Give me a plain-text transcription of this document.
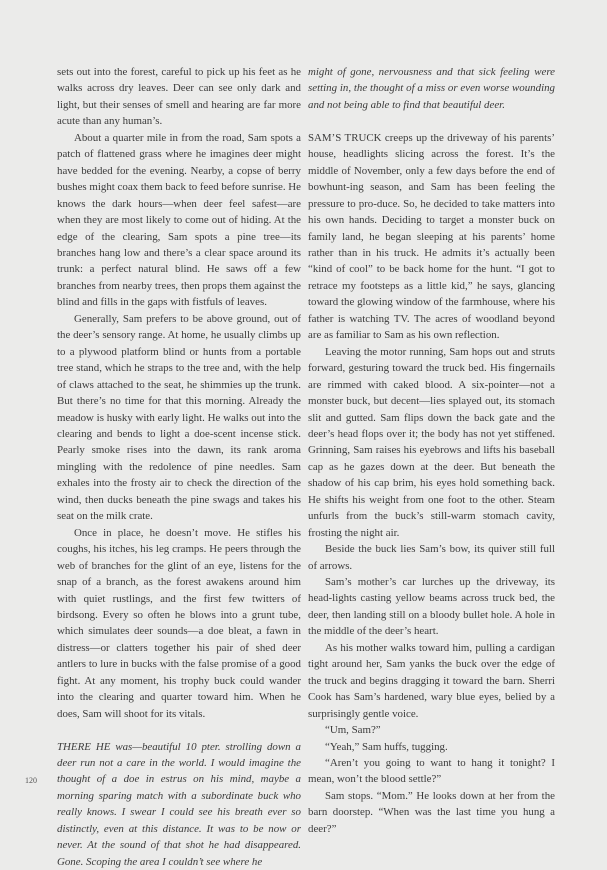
sets out into the forest, careful to pick up his feet as he walks across dry leaves. Deer can see only dark and light, but their senses of smell and hearing are far more acute than any human’s.

About a quarter mile in from the road, Sam spots a patch of flattened grass where he imagines deer might have bedded for the evening. Nearby, a copse of berry bushes might coax them back to feed before sunrise. He knows the dark hours—when deer feel safest—are when they are most likely to come out of hiding. At the edge of the clearing, Sam spots a pine tree—its branches hang low and there’s a clear space around its trunk: a perfect natural blind. He saws off a few branches from nearby trees, then props them against the blind and fills in the gaps with fistfuls of leaves.

Generally, Sam prefers to be above ground, out of the deer’s sensory range. At home, he usually climbs up to a plywood platform blind or hunts from a portable tree stand, which he straps to the tree and, with the help of claws attached to the seat, he shimmies up the trunk. But there’s no time for that this morning. Already the meadow is husky with early light. He walks out into the clearing and bends to light a doe-scent incense stick. Pearly smoke rises into the dawn, its rank aroma mingling with the redolence of pine needles. Sam exhales into the frosty air to check the direction of the wind, then ducks beneath the pine swags and takes his seat on the milk crate.

Once in place, he doesn’t move. He stifles his coughs, his itches, his leg cramps. He peers through the web of branches for the glint of an eye, listens for the snap of a branch, as the forest awakens around him with quiet rustlings, and the first few twitters of birdsong. Every so often he blows into a grunt tube, which simulates deer sounds—a doe bleat, a fawn in distress—or clatters together his pair of shed deer antlers to lure in bucks with the false promise of a good fight. At any moment, his trophy buck could wander into the clearing and quarter toward him. When he does, Sam will shoot for its vitals.

THERE HE was—beautiful 10 pter. strolling down a deer run not a care in the world. I would imagine the thought of a doe in estrus on his mind, maybe a morning sparing match with a subordinate buck who really knows. I swear I could see his breath ever so distinctly, even at this distance. It was to be now or never. At the sound of that shot he had disappeared. Gone. Scoping the area I couldn’t see where he

might of gone, nervousness and that sick feeling were setting in, the thought of a miss or even worse wounding and not being able to find that beautiful deer.

SAM’S TRUCK creeps up the driveway of his parents’ house, headlights slicing across the forest. It’s the middle of November, only a few days before the end of bowhunt-ing season, and Sam has been feeling the pressure to pro-duce. So, he decided to take matters into his own hands. Deciding to target a monster buck on family land, he began sleeping at his parents’ home rather than in his truck. He admits it’s actually been “kind of cool” to be back home for the hunt. “I got to retrace my footsteps as a little kid,” he says, glancing toward the glowing window of the farmhouse, where his father is watching TV. The acres of woodland beyond are as familiar to Sam as his own reflection.

Leaving the motor running, Sam hops out and struts forward, gesturing toward the truck bed. His fingernails are rimmed with caked blood. A six-pointer—not a monster buck, but decent—lies splayed out, its stomach slit and gutted. Sam flips down the back gate and the deer’s head flops over it; the body has not yet stiffened. Grinning, Sam raises his eyebrows and lifts his baseball cap as he gazes down at the deer. But beneath the shadow of his cap brim, his eyes hold something back. He shifts his weight from one foot to the other. Steam unfurls from the buck’s still-warm stomach cavity, frosting the night air.

Beside the buck lies Sam’s bow, its quiver still full of arrows.

Sam’s mother’s car lurches up the driveway, its head-lights casting yellow beams across truck bed, the deer, then landing still on a bloody bullet hole. A hole in the middle of the deer’s heart.

As his mother walks toward him, pulling a cardigan tight around her, Sam yanks the buck over the edge of the truck and begins dragging it toward the barn. Sherri Cook has Sam’s hardened, wary blue eyes, belied by a surprisingly gentle voice.

“Um, Sam?”

“Yeah,” Sam huffs, tugging.

“Aren’t you going to want to hang it tonight? I mean, won’t the blood settle?”

Sam stops. “Mom.” He looks down at her from the barn doorstep. “When was the last time you hung a deer?”

120
